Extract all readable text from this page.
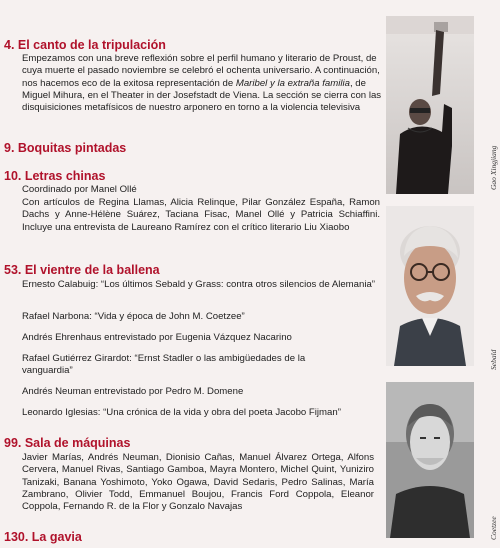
4. El canto de la tripulación

Empezamos con una breve reflexión sobre el perfil humano y literario de Proust, de cuya muerte el pasado noviembre se celebró el ochenta universario. A continuación, nos hacemos eco de la exitosa representación de Maribel y la extraña familia, de Miguel Mihura, en el Theater in der Josefstadt de Viena. La sección se cierra con las disquisiciones metafísicos de nuestro arponero en torno a la violencia televisiva

9. Boquitas pintadas
10. Letras chinas

Coordinado por Manel Ollé

Con artículos de Regina Llamas, Alicia Relinque, Pilar González España, Ramon Dachs y Anne-Hélène Suárez, Taciana Fisac, Manel Ollé y Patricia Schiaffini. Incluye una entrevista de Laureano Ramírez con el crítico literario Liu Xiaobo

53. El vientre de la ballena

Ernesto Calabuig: “Los últimos Sebald y Grass: contra otros silencios de Alemania”

Rafael Narbona: “Vida y época de John M. Coetzee”

Andrés Ehrenhaus entrevistado por Eugenia Vázquez Nacarino

Rafael Gutiérrez Girardot: “Ernst Stadler o las ambigüedades de la vanguardia”

Andrés Neuman entrevistado por Pedro M. Domene

Leonardo Iglesias: “Una crónica de la vida y obra del poeta Jacobo Fijman”

99. Sala de máquinas

Javier Marías, Andrés Neuman, Dionisio Cañas, Manuel Álvarez Ortega, Alfons Cervera, Manuel Rivas, Santiago Gamboa, Mayra Montero, Michel Quint, Yuniziro Tanizaki, Banana Yoshimoto, Yoko Ogawa, David Sedaris, Pedro Salinas, María Zambrano, Olivier Todd, Emmanuel Boujou, Francis Ford Coppola, Eleanor Coppola, Fernando R. de la Flor y Gonzalo Navajas

130. La gavia
Gao Xingjiang
Sebald
Coetzee
